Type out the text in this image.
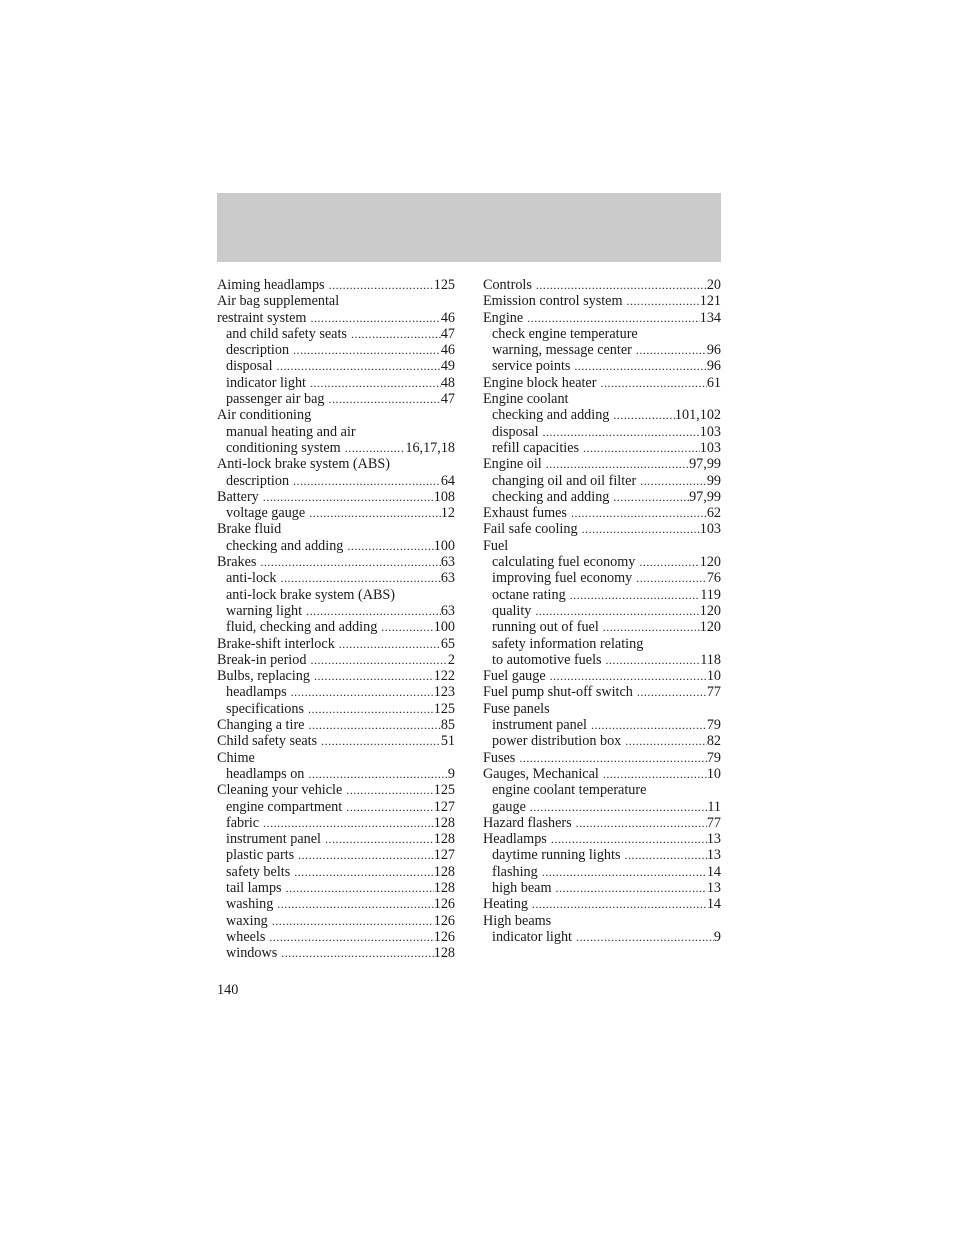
Aiming headlamps .....	125
Air bag supplemental
restraint system .....	46
and child safety seats .....	47
description .....	46
disposal .....	49
indicator light .....	48
passenger air bag .....	47
Air conditioning
manual heating and air
conditioning system .....	16,17,18
Anti-lock brake system (ABS)
description .....	64
Battery .....	108
voltage gauge .....	12
Brake fluid
checking and adding .....	100
Brakes .....	63
anti-lock .....	63
anti-lock brake system (ABS)
warning light .....	63
fluid, checking and adding .....	100
Brake-shift interlock .....	65
Break-in period .....	2
Bulbs, replacing .....	122
headlamps .....	123
specifications .....	125
Changing a tire .....	85
Child safety seats .....	51
Chime
headlamps on .....	9
Cleaning your vehicle .....	125
engine compartment .....	127
fabric .....	128
instrument panel .....	128
plastic parts .....	127
safety belts .....	128
tail lamps .....	128
washing .....	126
waxing .....	126
wheels .....	126
windows .....	128
Controls .....	20
Emission control system .....	121
Engine .....	134
check engine temperature
warning, message center .....	96
service points .....	96
Engine block heater .....	61
Engine coolant
checking and adding .....	101,102
disposal .....	103
refill capacities .....	103
Engine oil .....	97,99
changing oil and oil filter .....	99
checking and adding .....	97,99
Exhaust fumes .....	62
Fail safe cooling .....	103
Fuel
calculating fuel economy .....	120
improving fuel economy .....	76
octane rating .....	119
quality .....	120
running out of fuel .....	120
safety information relating
to automotive fuels .....	118
Fuel gauge .....	10
Fuel pump shut-off switch .....	77
Fuse panels
instrument panel .....	79
power distribution box .....	82
Fuses .....	79
Gauges, Mechanical .....	10
engine coolant temperature
gauge .....	11
Hazard flashers .....	77
Headlamps .....	13
daytime running lights .....	13
flashing .....	14
high beam .....	13
Heating .....	14
High beams
indicator light .....	9
140
